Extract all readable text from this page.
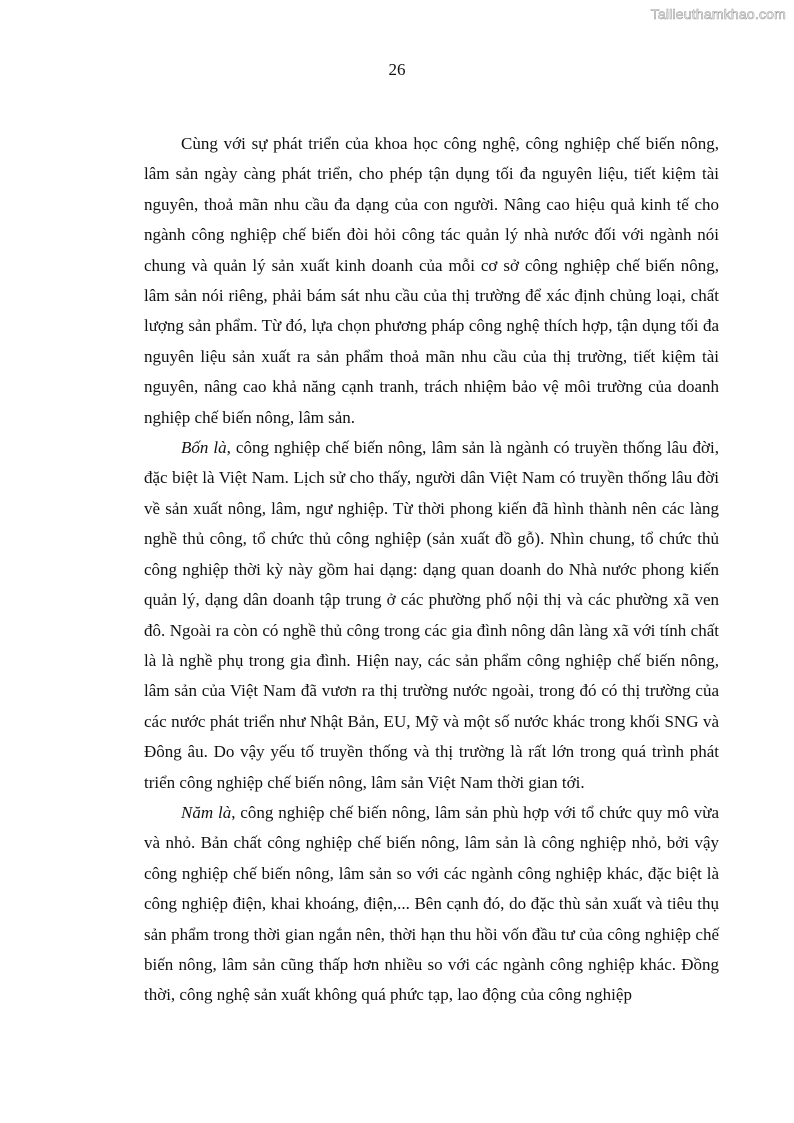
Tailieuthamkhao.com
26

Cùng với sự phát triển của khoa học công nghệ, công nghiệp chế biến nông, lâm sản ngày càng phát triển, cho phép tận dụng tối đa nguyên liệu, tiết kiệm tài nguyên, thoả mãn nhu cầu đa dạng của con người. Nâng cao hiệu quả kinh tế cho ngành công nghiệp chế biến đòi hỏi công tác quản lý nhà nước đối với ngành nói chung và quản lý sản xuất kinh doanh của mỗi cơ sở công nghiệp chế biến nông, lâm sản nói riêng, phải bám sát nhu cầu của thị trường để xác định chủng loại, chất lượng sản phẩm. Từ đó, lựa chọn phương pháp công nghệ thích hợp, tận dụng tối đa nguyên liệu sản xuất ra sản phẩm thoả mãn nhu cầu của thị trường, tiết kiệm tài nguyên, nâng cao khả năng cạnh tranh, trách nhiệm bảo vệ môi trường của doanh nghiệp chế biến nông, lâm sản.

Bốn là, công nghiệp chế biến nông, lâm sản là ngành có truyền thống lâu đời, đặc biệt là Việt Nam. Lịch sử cho thấy, người dân Việt Nam có truyền thống lâu đời về sản xuất nông, lâm, ngư nghiệp. Từ thời phong kiến đã hình thành nên các làng nghề thủ công, tổ chức thủ công nghiệp (sản xuất đồ gỗ). Nhìn chung, tổ chức thủ công nghiệp thời kỳ này gồm hai dạng: dạng quan doanh do Nhà nước phong kiến quản lý, dạng dân doanh tập trung ở các phường phố nội thị và các phường xã ven đô. Ngoài ra còn có nghề thủ công trong các gia đình nông dân làng xã với tính chất là là nghề phụ trong gia đình. Hiện nay, các sản phẩm công nghiệp chế biến nông, lâm sản của Việt Nam đã vươn ra thị trường nước ngoài, trong đó có thị trường của các nước phát triển như Nhật Bản, EU, Mỹ và một số nước khác trong khối SNG và Đông âu. Do vậy yếu tố truyền thống và thị trường là rất lớn trong quá trình phát triển công nghiệp chế biến nông, lâm sản Việt Nam thời gian tới.

Năm là, công nghiệp chế biến nông, lâm sản phù hợp với tổ chức quy mô vừa và nhỏ. Bản chất công nghiệp chế biến nông, lâm sản là công nghiệp nhỏ, bởi vậy công nghiệp chế biến nông, lâm sản so với các ngành công nghiệp khác, đặc biệt là công nghiệp điện, khai khoáng, điện,... Bên cạnh đó, do đặc thù sản xuất và tiêu thụ sản phẩm trong thời gian ngắn nên, thời hạn thu hồi vốn đầu tư của công nghiệp chế biến nông, lâm sản cũng thấp hơn nhiều so với các ngành công nghiệp khác. Đồng thời, công nghệ sản xuất không quá phức tạp, lao động của công nghiệp
